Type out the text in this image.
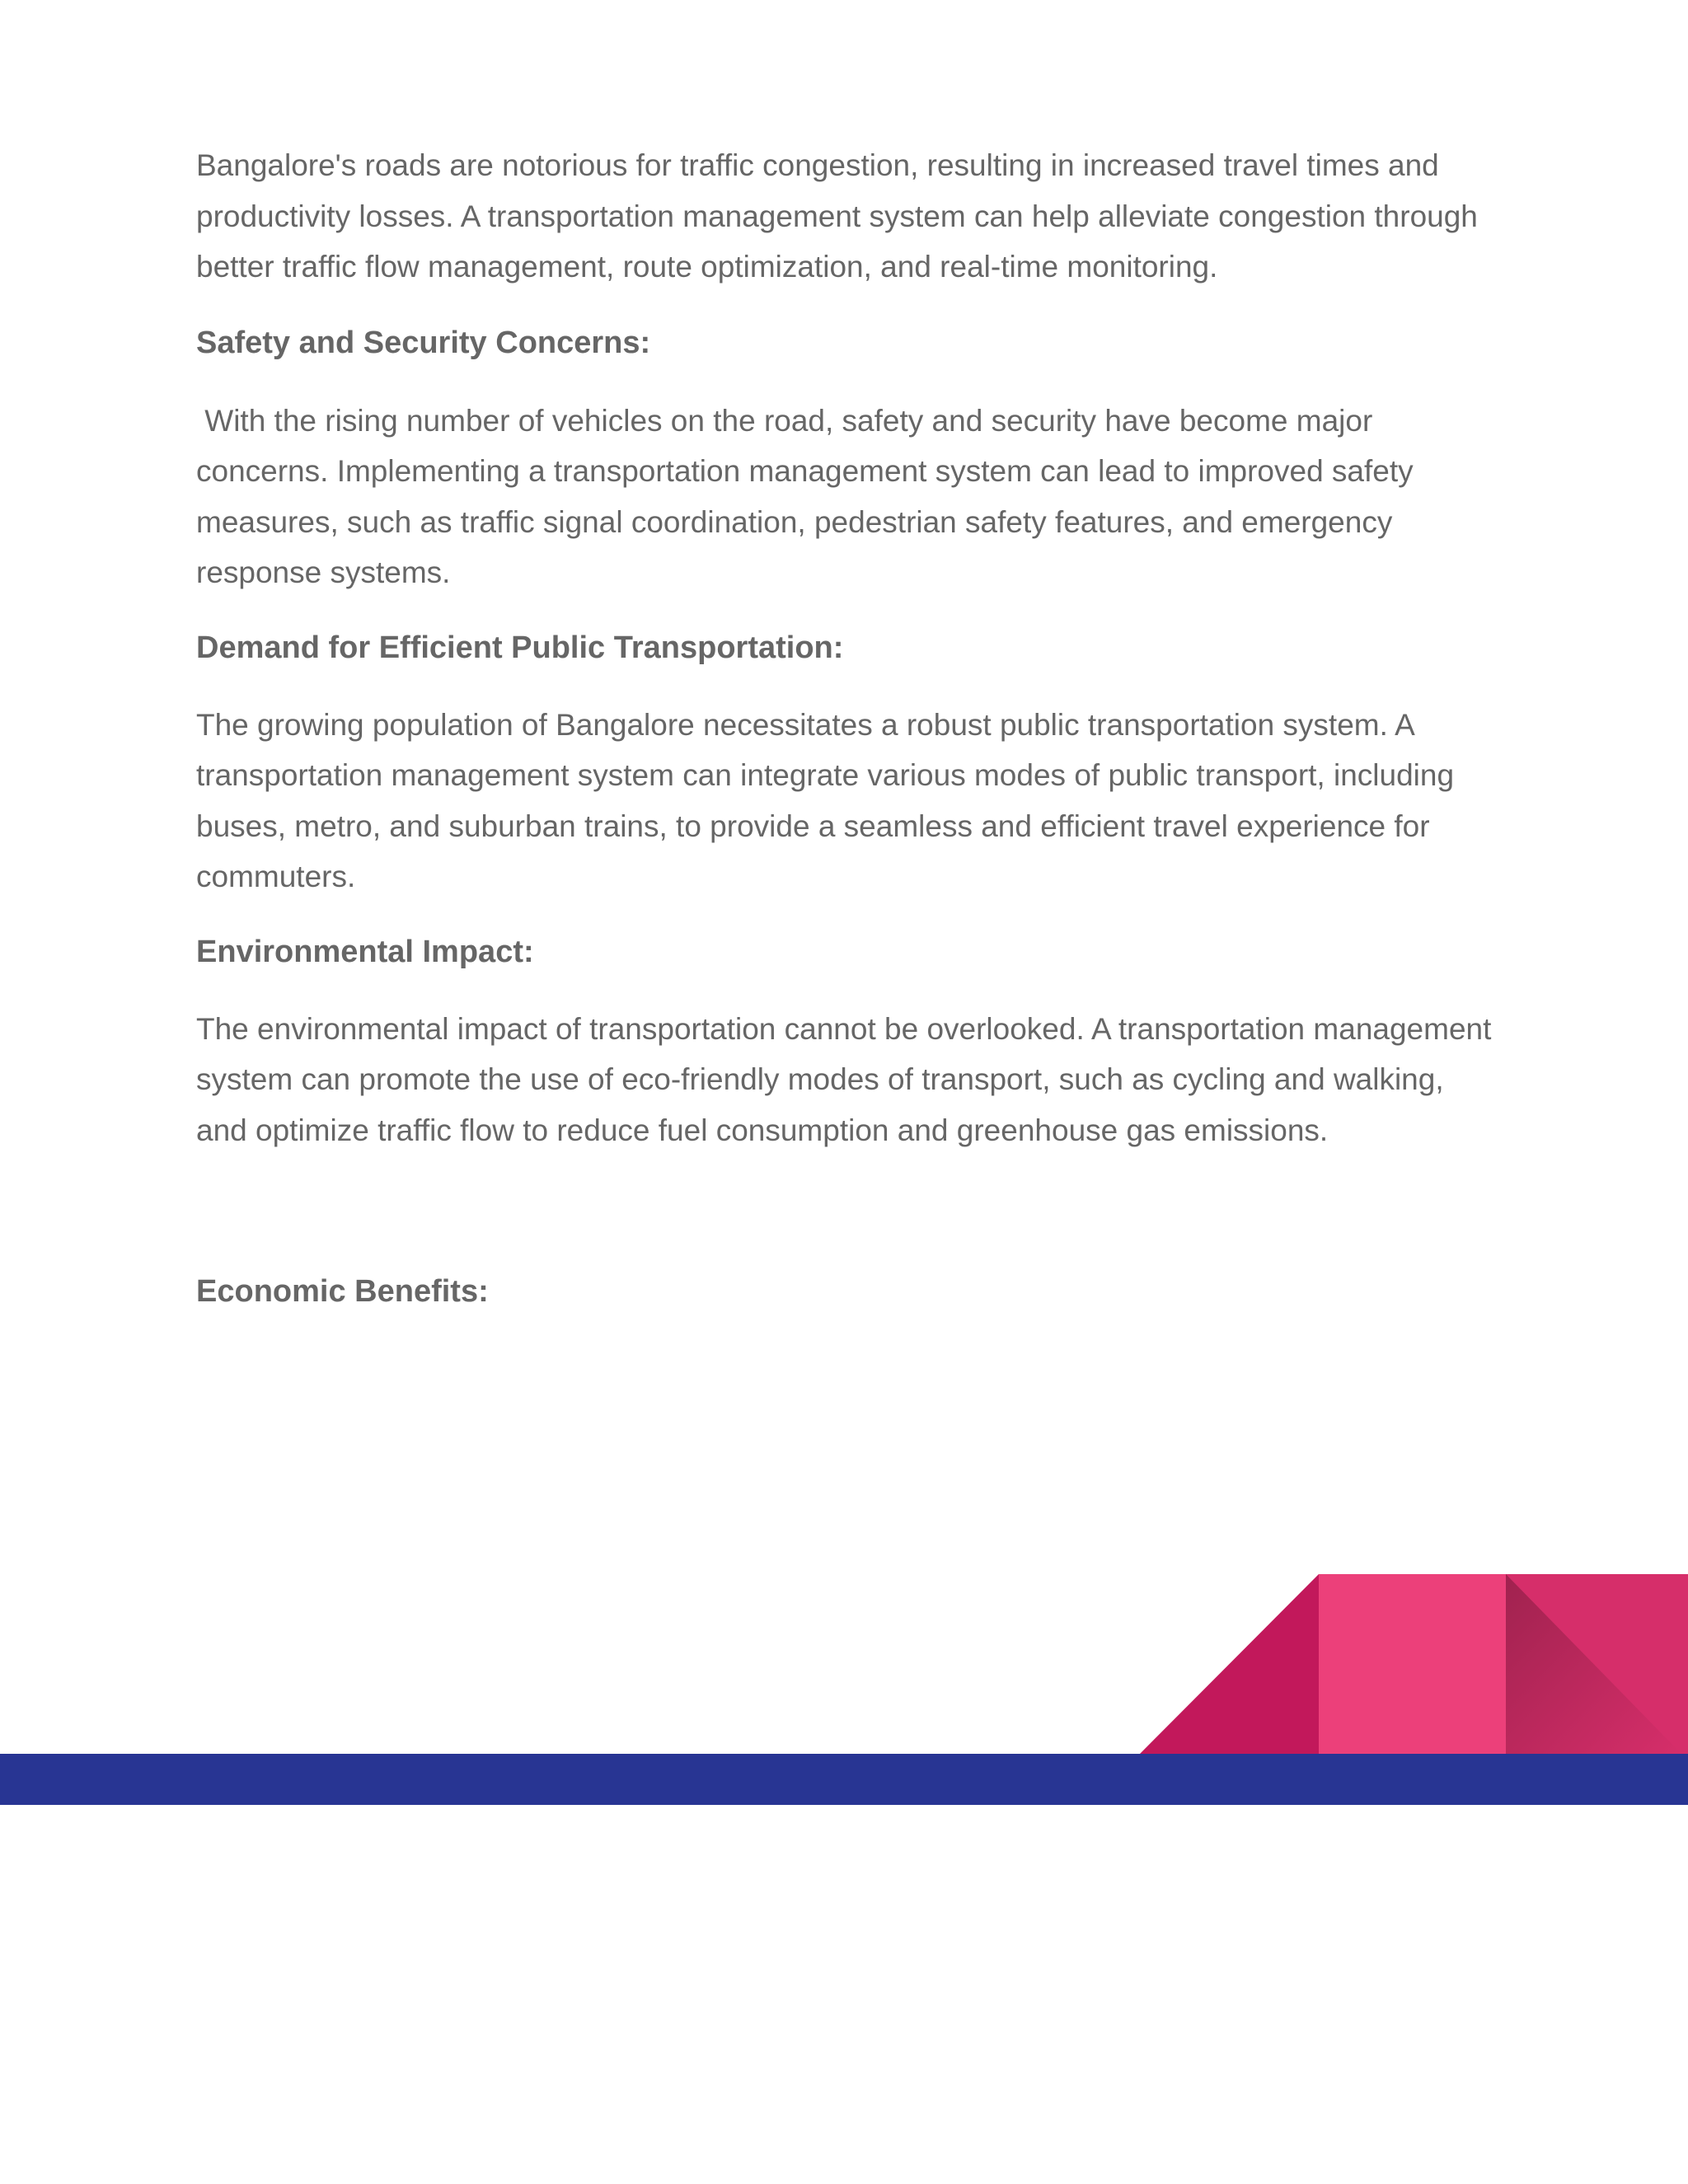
Bangalore's roads are notorious for traffic congestion, resulting in increased travel times and productivity losses. A transportation management system can help alleviate congestion through better traffic flow management, route optimization, and real-time monitoring.

Safety and Security Concerns:

With the rising number of vehicles on the road, safety and security have become major concerns. Implementing a transportation management system can lead to improved safety measures, such as traffic signal coordination, pedestrian safety features, and emergency response systems.

Demand for Efficient Public Transportation:

The growing population of Bangalore necessitates a robust public transportation system. A transportation management system can integrate various modes of public transport, including buses, metro, and suburban trains, to provide a seamless and efficient travel experience for commuters.

Environmental Impact:

The environmental impact of transportation cannot be overlooked. A transportation management system can promote the use of eco-friendly modes of transport, such as cycling and walking, and optimize traffic flow to reduce fuel consumption and greenhouse gas emissions.

Economic Benefits:
